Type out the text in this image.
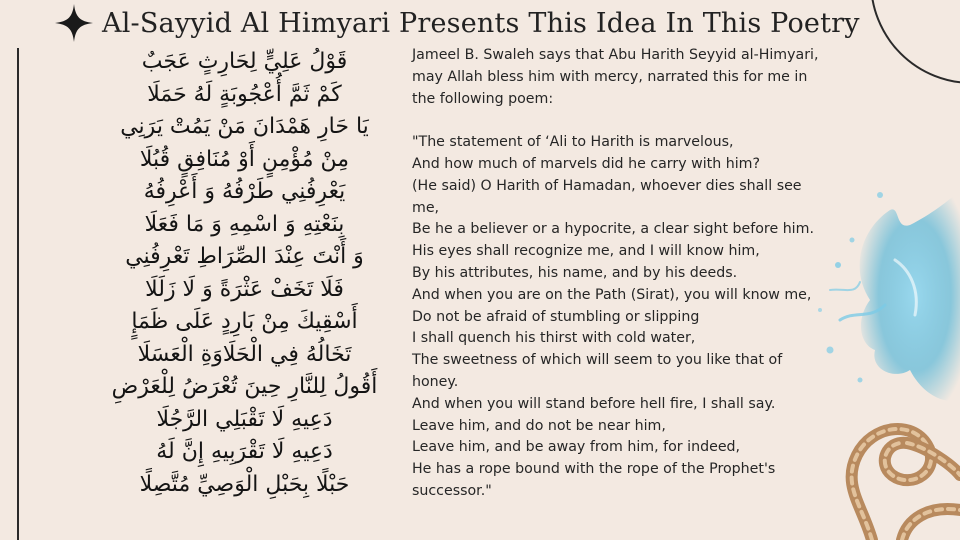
Al-Sayyid Al Himyari Presents This Idea In This Poetry
قَوْلُ عَلِيٍّ لِحَارِثٍ عَجَبٌ
كَمْ ثَمَّ أُعْجُوبَةٍ لَهُ حَمَلَا
يَا حَارِ هَمْدَانَ مَنْ يَمُتْ يَرَنِي
مِنْ مُؤْمِنٍ أَوْ مُنَافِقٍ قُبُلَا
يَعْرِفُنِي طَرْفُهُ وَ أَعْرِفُهُ
بِنَعْتِهِ وَ اسْمِهِ وَ مَا فَعَلَا
وَ أَنْتَ عِنْدَ الصِّرَاطِ تَعْرِفُنِي
فَلَا تَخَفْ عَثْرَةً وَ لَا زَلَلَا
أَسْقِيكَ مِنْ بَارِدٍ عَلَى ظَمَإٍ
تَخَالُهُ فِي الْحَلَاوَةِ الْعَسَلَا
أَقُولُ لِلنَّارِ حِينَ تُعْرَضُ لِلْعَرْضِ
دَعِيهِ لَا تَقْبَلِي الرَّجُلَا
دَعِيهِ لَا تَقْرَبِيهِ إِنَّ لَهُ
حَبْلًا بِحَبْلِ الْوَصِيِّ مُتَّصِلًا
Jameel B. Swaleh says that Abu Harith Seyyid al-Himyari,
may Allah bless him with mercy, narrated this for me in
the following poem:
"The statement of ‘Ali to Harith is marvelous,
And how much of marvels did he carry with him?
(He said) O Harith of Hamadan, whoever dies shall see
me,
Be he a believer or a hypocrite, a clear sight before him.
His eyes shall recognize me, and I will know him,
By his attributes, his name, and by his deeds.
And when you are on the Path (Sirat), you will know me,
Do not be afraid of stumbling or slipping
I shall quench his thirst with cold water,
The sweetness of which will seem to you like that of
honey.
And when you will stand before hell fire, I shall say.
Leave him, and do not be near him,
Leave him, and be away from him, for indeed,
He has a rope bound with the rope of the Prophet's
successor."
